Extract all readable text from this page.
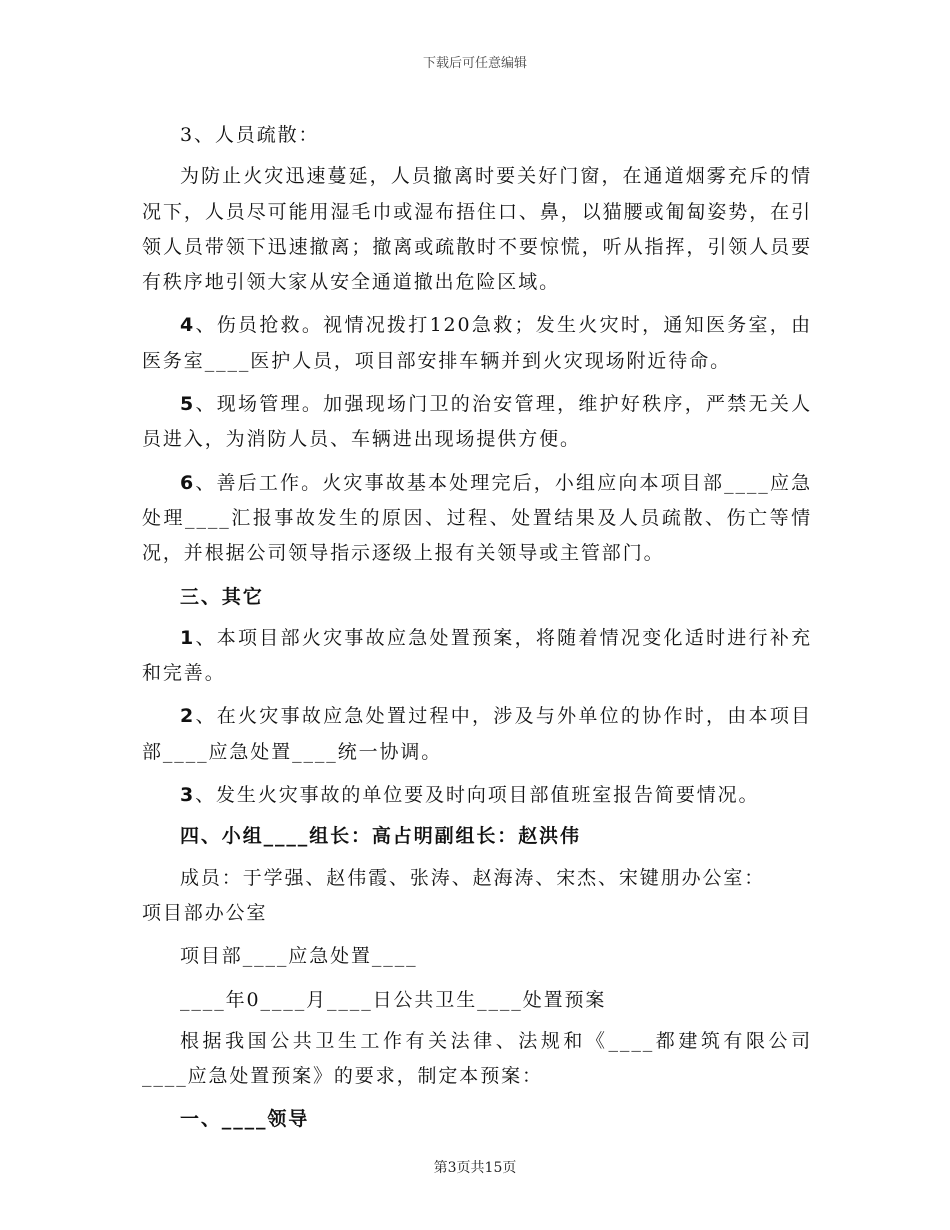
下载后可任意编辑

3、人员疏散：

为防止火灾迅速蔓延，人员撤离时要关好门窗，在通道烟雾充斥的情况下，人员尽可能用湿毛巾或湿布捂住口、鼻，以猫腰或匍匐姿势，在引领人员带领下迅速撤离；撤离或疏散时不要惊慌，听从指挥，引领人员要有秩序地引领大家从安全通道撤出危险区域。

4、伤员抢救。视情况拨打120急救；发生火灾时，通知医务室，由医务室____医护人员，项目部安排车辆并到火灾现场附近待命。

5、现场管理。加强现场门卫的治安管理，维护好秩序，严禁无关人员进入，为消防人员、车辆进出现场提供方便。

6、善后工作。火灾事故基本处理完后，小组应向本项目部____应急处理____汇报事故发生的原因、过程、处置结果及人员疏散、伤亡等情况，并根据公司领导指示逐级上报有关领导或主管部门。

三、其它

1、本项目部火灾事故应急处置预案，将随着情况变化适时进行补充和完善。

2、在火灾事故应急处置过程中，涉及与外单位的协作时，由本项目部____应急处置____统一协调。

3、发生火灾事故的单位要及时向项目部值班室报告简要情况。

四、小组____组长：高占明副组长：赵洪伟

成员：于学强、赵伟霞、张涛、赵海涛、宋杰、宋键朋办公室：

项目部办公室

项目部____应急处置____

____年0____月____日公共卫生____处置预案

根据我国公共卫生工作有关法律、法规和《____都建筑有限公司____应急处置预案》的要求，制定本预案：

一、____领导

第3页共15页
